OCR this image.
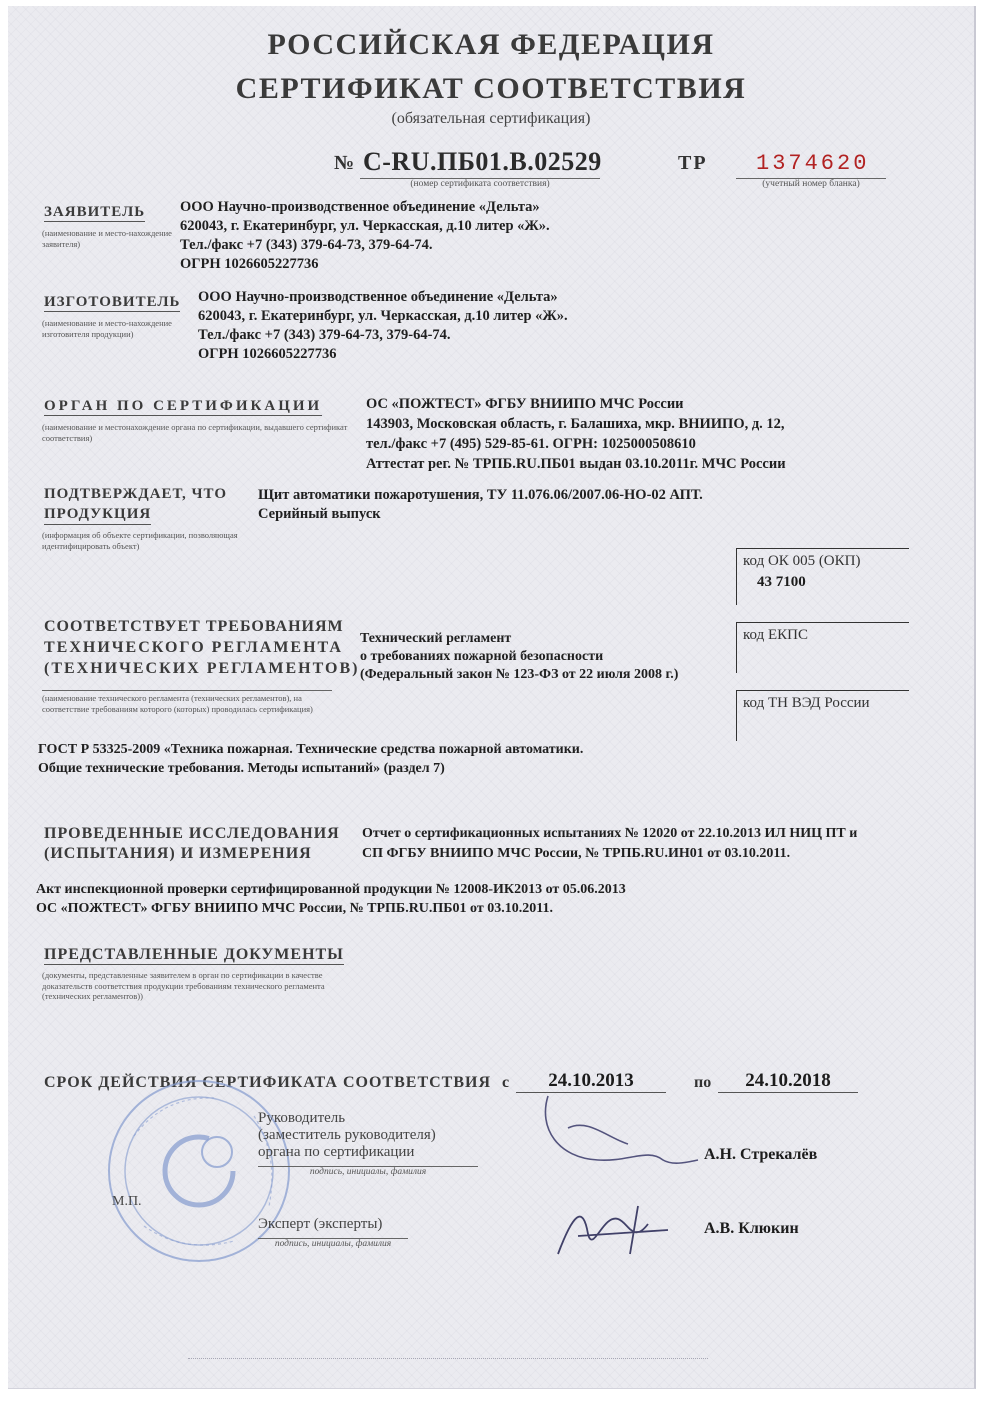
РОССИЙСКАЯ ФЕДЕРАЦИЯ
СЕРТИФИКАТ СООТВЕТСТВИЯ
(обязательная сертификация)
№ C-RU.ПБ01.В.02529
(номер сертификата соответствия)
ТР 1374620
(учетный номер бланка)
ЗАЯВИТЕЛЬ
(наименование и место-нахождение заявителя)
ООО Научно-производственное объединение «Дельта»
620043, г. Екатеринбург, ул. Черкасская, д.10 литер «Ж».
Тел./факс +7 (343) 379-64-73, 379-64-74.
ОГРН 1026605227736
ИЗГОТОВИТЕЛЬ
(наименование и место-нахождение изготовителя продукции)
ООО Научно-производственное объединение «Дельта»
620043, г. Екатеринбург, ул. Черкасская, д.10 литер «Ж».
Тел./факс +7 (343) 379-64-73, 379-64-74.
ОГРН 1026605227736
ОРГАН ПО СЕРТИФИКАЦИИ
(наименование и местонахождение органа по сертификации, выдавшего сертификат соответствия)
ОС «ПОЖТЕСТ» ФГБУ ВНИИПО МЧС России
143903, Московская область, г. Балашиха, мкр. ВНИИПО, д. 12,
тел./факс +7 (495) 529-85-61. ОГРН: 1025000508610
Аттестат рег. № ТРПБ.RU.ПБ01 выдан 03.10.2011г. МЧС России
ПОДТВЕРЖДАЕТ, ЧТО
ПРОДУКЦИЯ
(информация об объекте сертификации, позволяющая идентифицировать объект)
Щит автоматики пожаротушения, ТУ 11.076.06/2007.06-НО-02 АПТ.
Серийный выпуск
код ОК 005 (ОКП)
43 7100
код ЕКПС
код ТН ВЭД России
СООТВЕТСТВУЕТ ТРЕБОВАНИЯМ
ТЕХНИЧЕСКОГО РЕГЛАМЕНТА
(ТЕХНИЧЕСКИХ РЕГЛАМЕНТОВ)
Технический регламент
о требованиях пожарной безопасности
(Федеральный закон № 123-ФЗ от 22 июля 2008 г.)
(наименование технического регламента (технических регламентов), на соответствие требованиям которого (которых) проводилась сертификация)
ГОСТ Р 53325-2009 «Техника пожарная. Технические средства пожарной автоматики.
Общие технические требования. Методы испытаний» (раздел 7)
ПРОВЕДЕННЫЕ ИССЛЕДОВАНИЯ
(ИСПЫТАНИЯ) И ИЗМЕРЕНИЯ
Отчет о сертификационных испытаниях № 12020 от 22.10.2013 ИЛ НИЦ ПТ и
СП ФГБУ ВНИИПО МЧС России, № ТРПБ.RU.ИН01 от 03.10.2011.
Акт инспекционной проверки сертифицированной продукции № 12008-ИК2013 от 05.06.2013
ОС «ПОЖТЕСТ» ФГБУ ВНИИПО МЧС России, № ТРПБ.RU.ПБ01 от 03.10.2011.
ПРЕДСТАВЛЕННЫЕ ДОКУМЕНТЫ
(документы, представленные заявителем в орган по сертификации в качестве доказательств соответствия продукции требованиям технического регламента (технических регламентов))
СРОК ДЕЙСТВИЯ СЕРТИФИКАТА СООТВЕТСТВИЯ с	24.10.2013	по	24.10.2018
Руководитель
(заместитель руководителя)
органа по сертификации
подпись, инициалы, фамилия
А.Н. Стрекалёв
М.П.
Эксперт (эксперты)
подпись, инициалы, фамилия
А.В. Клюкин
